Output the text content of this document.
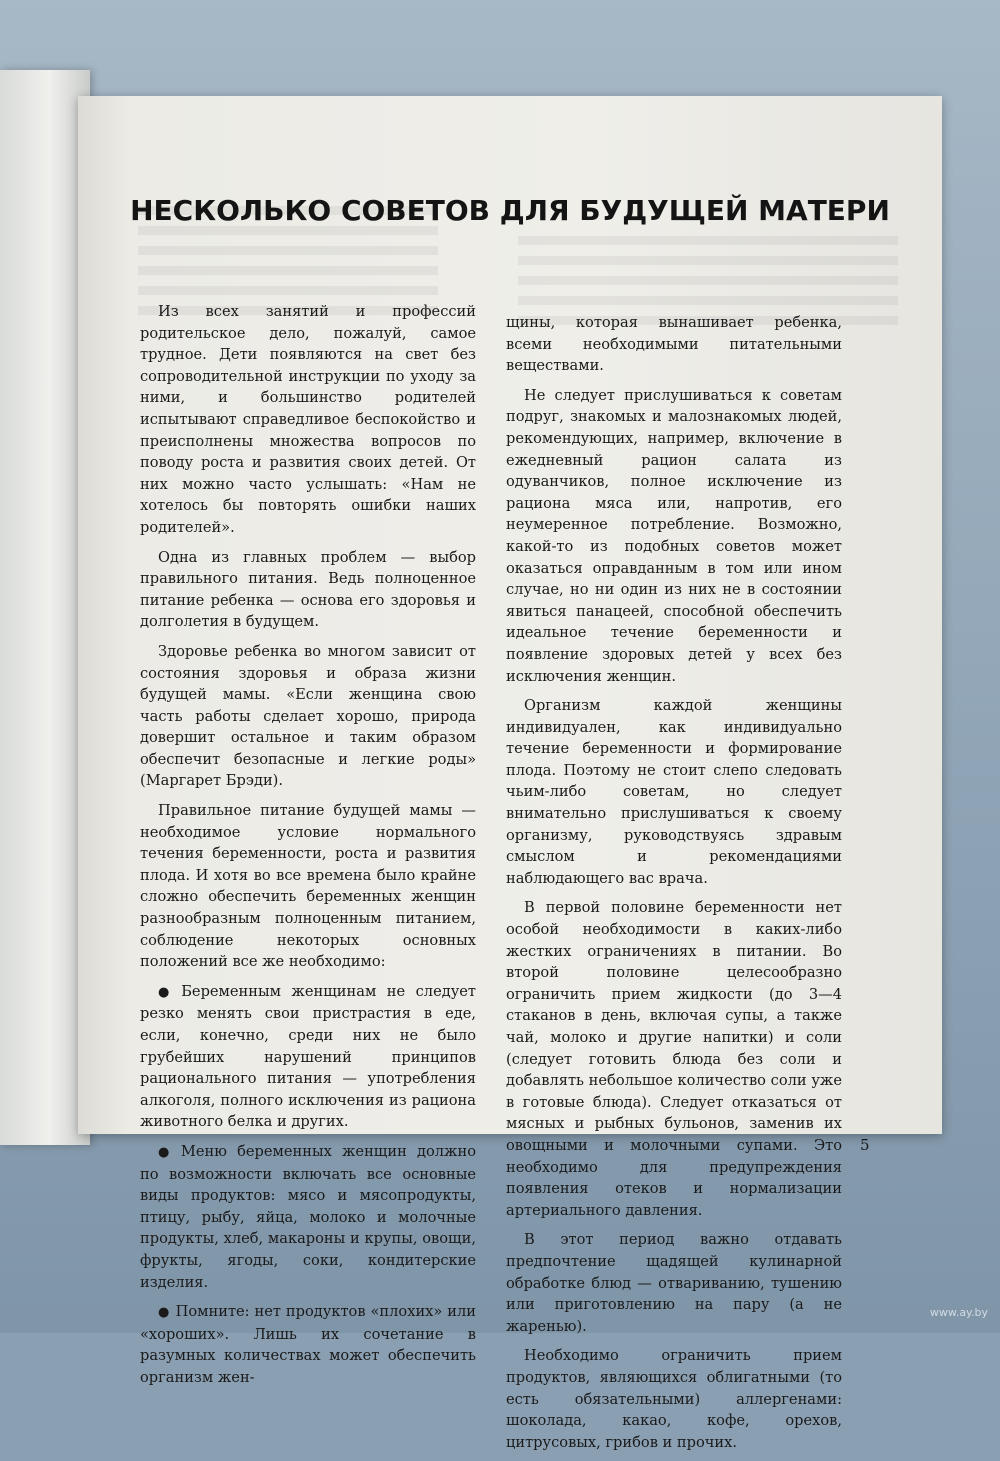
НЕСКОЛЬКО СОВЕТОВ ДЛЯ БУДУЩЕЙ МАТЕРИ

Из всех занятий и профессий родительское дело, пожалуй, самое трудное. Дети появляются на свет без сопроводительной инструкции по уходу за ними, и большинство родителей испытывают справедливое беспокойство и преисполнены множества вопросов по поводу роста и развития своих детей. От них можно часто услышать: «Нам не хотелось бы повторять ошибки наших родителей».

Одна из главных проблем — выбор правильного питания. Ведь полноценное питание ребенка — основа его здоровья и долголетия в будущем.

Здоровье ребенка во многом зависит от состояния здоровья и образа жизни будущей мамы. «Если женщина свою часть работы сделает хорошо, природа довершит остальное и таким образом обеспечит безопасные и легкие роды» (Маргарет Брэди).

Правильное питание будущей мамы — необходимое условие нормального течения беременности, роста и развития плода. И хотя во все времена было крайне сложно обеспечить беременных женщин разнообразным полноценным питанием, соблюдение некоторых основных положений все же необходимо:

● Беременным женщинам не следует резко менять свои пристрастия в еде, если, конечно, среди них не было грубейших нарушений принципов рационального питания — употребления алкоголя, полного исключения из рациона животного белка и других.
● Меню беременных женщин должно по возможности включать все основные виды продуктов: мясо и мясопродукты, птицу, рыбу, яйца, молоко и молочные продукты, хлеб, макароны и крупы, овощи, фрукты, ягоды, соки, кондитерские изделия.
● Помните: нет продуктов «плохих» или «хороших». Лишь их сочетание в разумных количествах может обеспечить организм жен-

щины, которая вынашивает ребенка, всеми необходимыми питательными веществами.

Не следует прислушиваться к советам подруг, знакомых и малознакомых людей, рекомендующих, например, включение в ежедневный рацион салата из одуванчиков, полное исключение из рациона мяса или, напротив, его неумеренное потребление. Возможно, какой-то из подобных советов может оказаться оправданным в том или ином случае, но ни один из них не в состоянии явиться панацеей, способной обеспечить идеальное течение беременности и появление здоровых детей у всех без исключения женщин.

Организм каждой женщины индивидуален, как индивидуально течение беременности и формирование плода. Поэтому не стоит слепо следовать чьим-либо советам, но следует внимательно прислушиваться к своему организму, руководствуясь здравым смыслом и рекомендациями наблюдающего вас врача.

В первой половине беременности нет особой необходимости в каких-либо жестких ограничениях в питании. Во второй половине целесообразно ограничить прием жидкости (до 3—4 стаканов в день, включая супы, а также чай, молоко и другие напитки) и соли (следует готовить блюда без соли и добавлять небольшое количество соли уже в готовые блюда). Следует отказаться от мясных и рыбных бульонов, заменив их овощными и молочными супами. Это необходимо для предупреждения появления отеков и нормализации артериального давления.

В этот период важно отдавать предпочтение щадящей кулинарной обработке блюд — отвариванию, тушению или приготовлению на пару (а не жаренью).

Необходимо ограничить прием продуктов, являющихся облигатными (то есть обязательными) аллергенами: шоколада, какао, кофе, орехов, цитрусовых, грибов и прочих.

5
www.ay.by
